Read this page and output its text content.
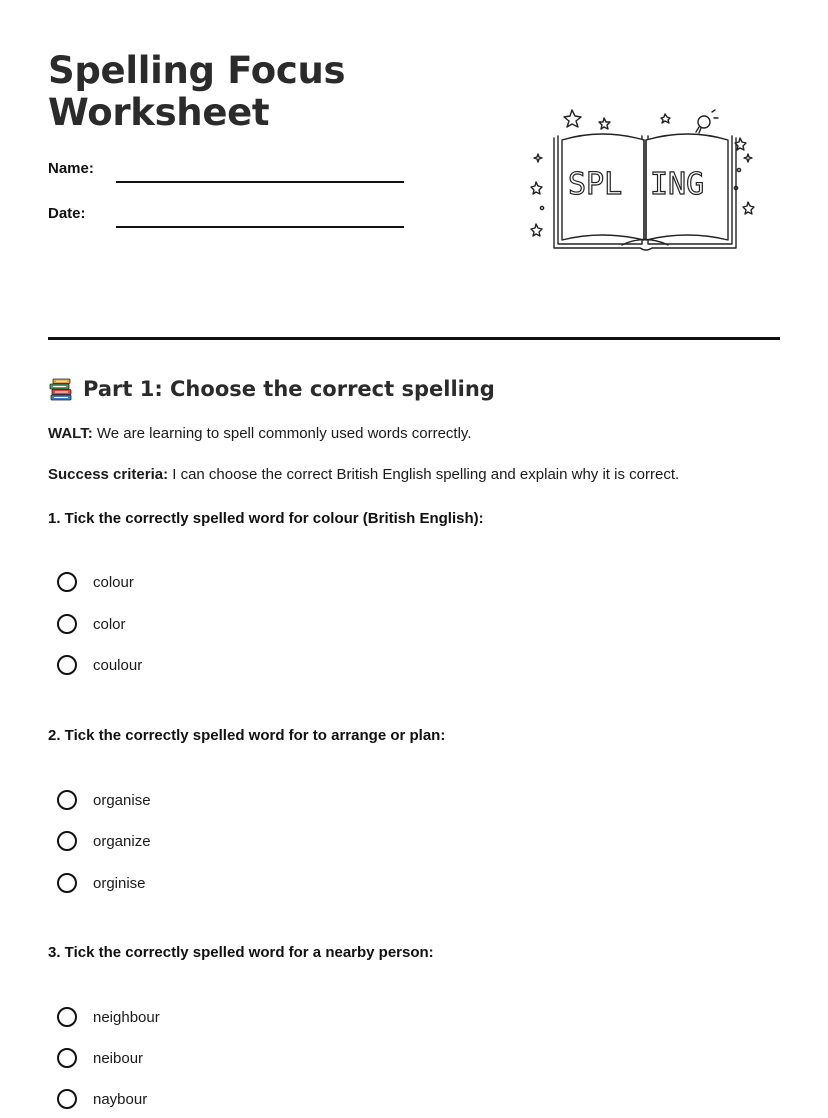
Spelling Focus
Worksheet
Name:
Date:
SPL ING
Part 1: Choose the correct spelling
WALT: We are learning to spell commonly used words correctly.
Success criteria: I can choose the correct British English spelling and explain why it is correct.
1. Tick the correctly spelled word for colour (British English):
colour
color
coulour
2. Tick the correctly spelled word for to arrange or plan:
organise
organize
orginise
3. Tick the correctly spelled word for a nearby person:
neighbour
neibour
naybour
